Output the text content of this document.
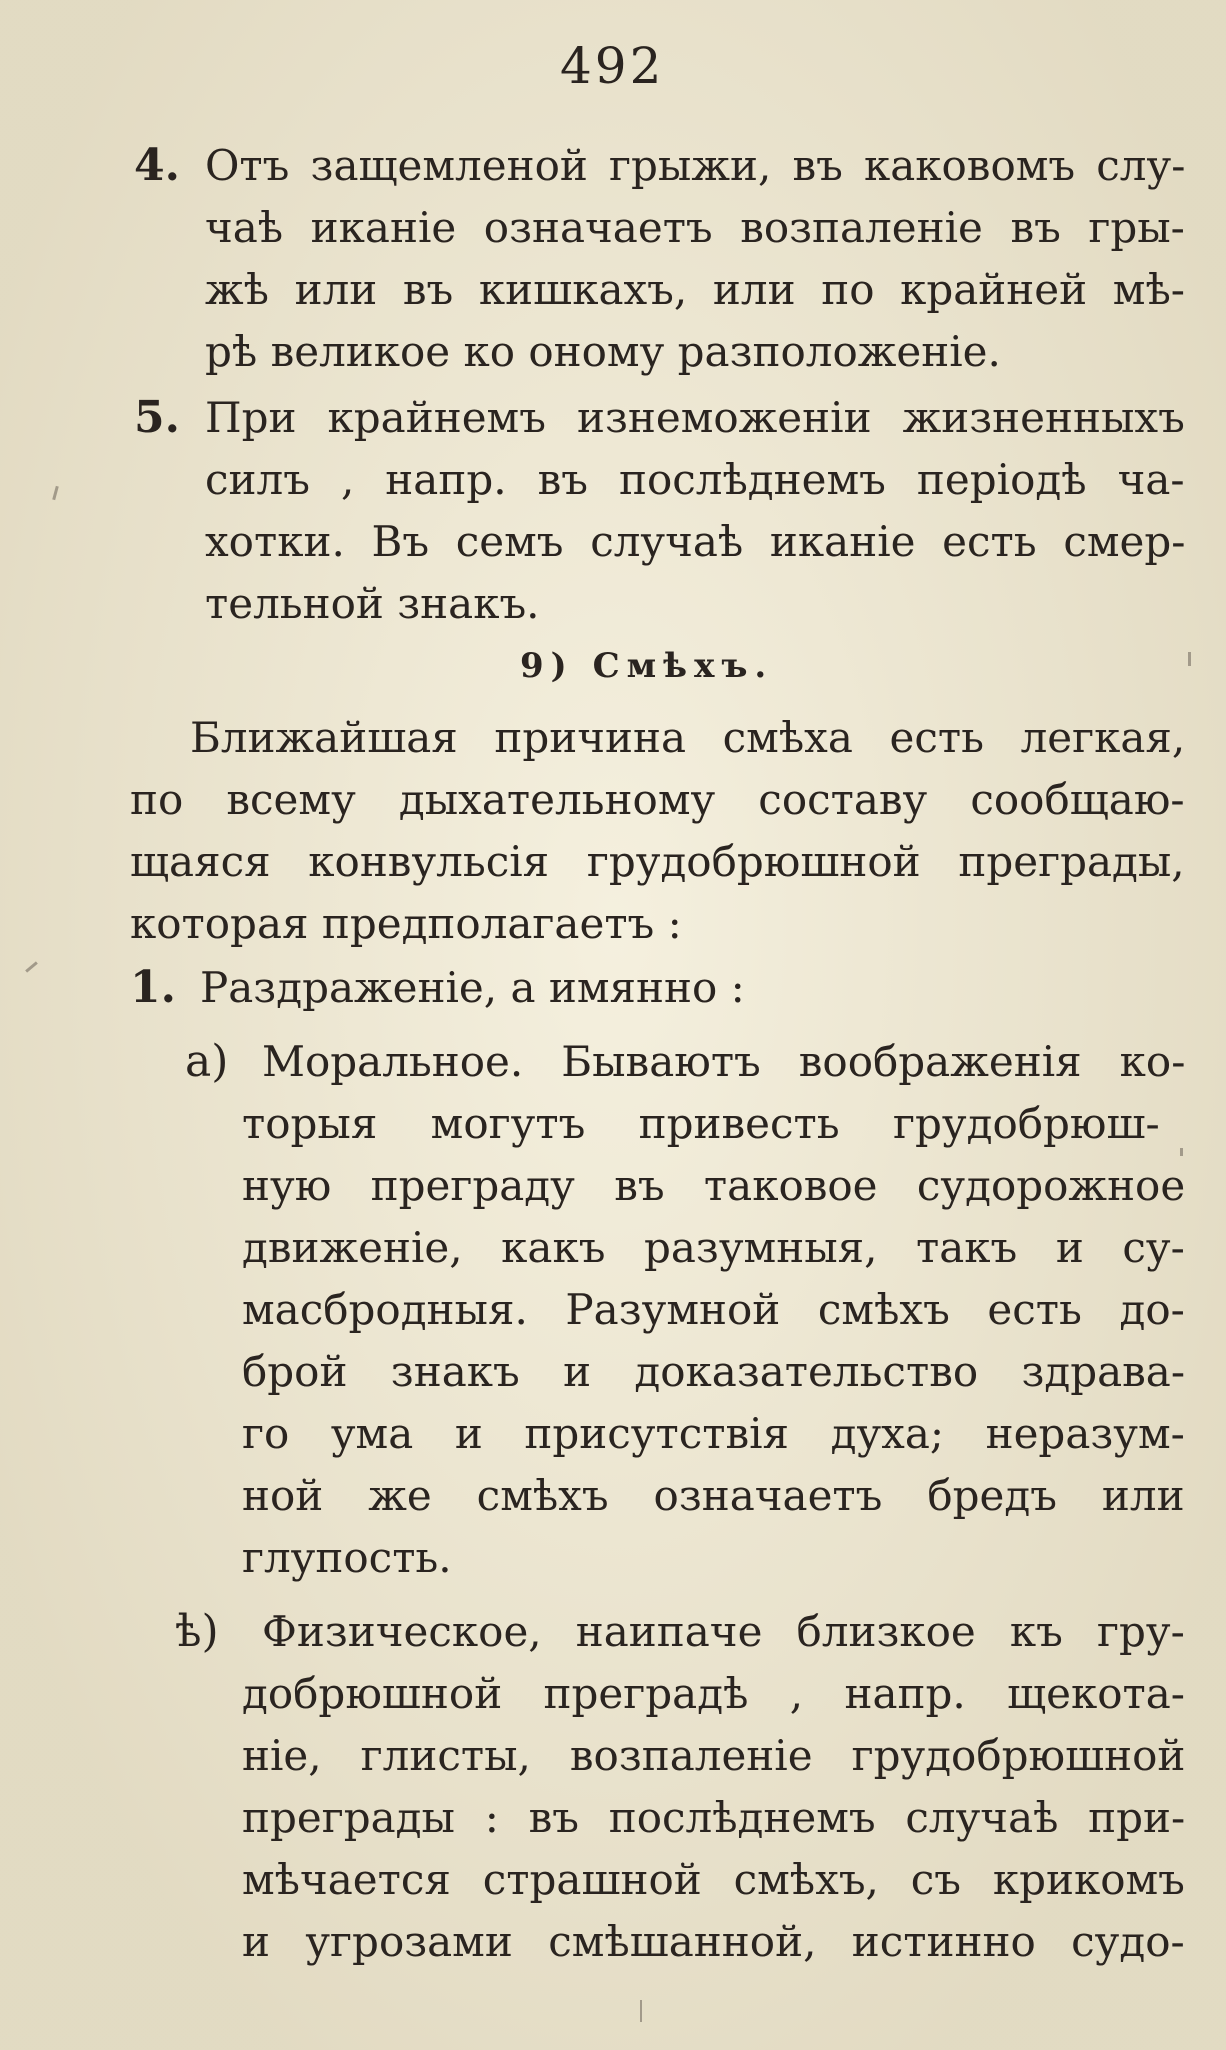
492
4. Отъ защемленой грыжи, въ каковомъ слу-
чаѣ иканіе означаетъ возпаленіе въ гры-
жѣ или въ кишкахъ, или по крайней мѣ-
рѣ великое ко оному разположеніе.
5. При крайнемъ изнеможеніи жизненныхъ
силъ , напр. въ послѣднемъ періодѣ ча-
хотки. Въ семъ случаѣ иканіе есть смер-
тельной знакъ.
9) Смѣхъ.
Ближайшая причина смѣха есть легкая,
по всему дыхательному составу сообщаю-
щаяся конвульсія грудобрюшной преграды,
которая предполагаетъ :
1. Раздраженіе, а имянно :
а) Моральное. Бываютъ воображенія ко-
торыя могутъ привесть грудобрюш-
ную преграду въ таковое судорожное
движеніе, какъ разумныя, такъ и су-
масбродныя. Разумной смѣхъ есть до-
брой знакъ и доказательство здрава-
го ума и присутствія духа; неразум-
ной же смѣхъ означаетъ бредъ или
глупость.
ѣ) Физическое, наипаче близкое къ гру-
добрюшной преградѣ , напр. щекота-
ніе, глисты, возпаленіе грудобрюшной
преграды : въ послѣднемъ случаѣ при-
мѣчается страшной смѣхъ, съ крикомъ
и угрозами смѣшанной, истинно судо-
